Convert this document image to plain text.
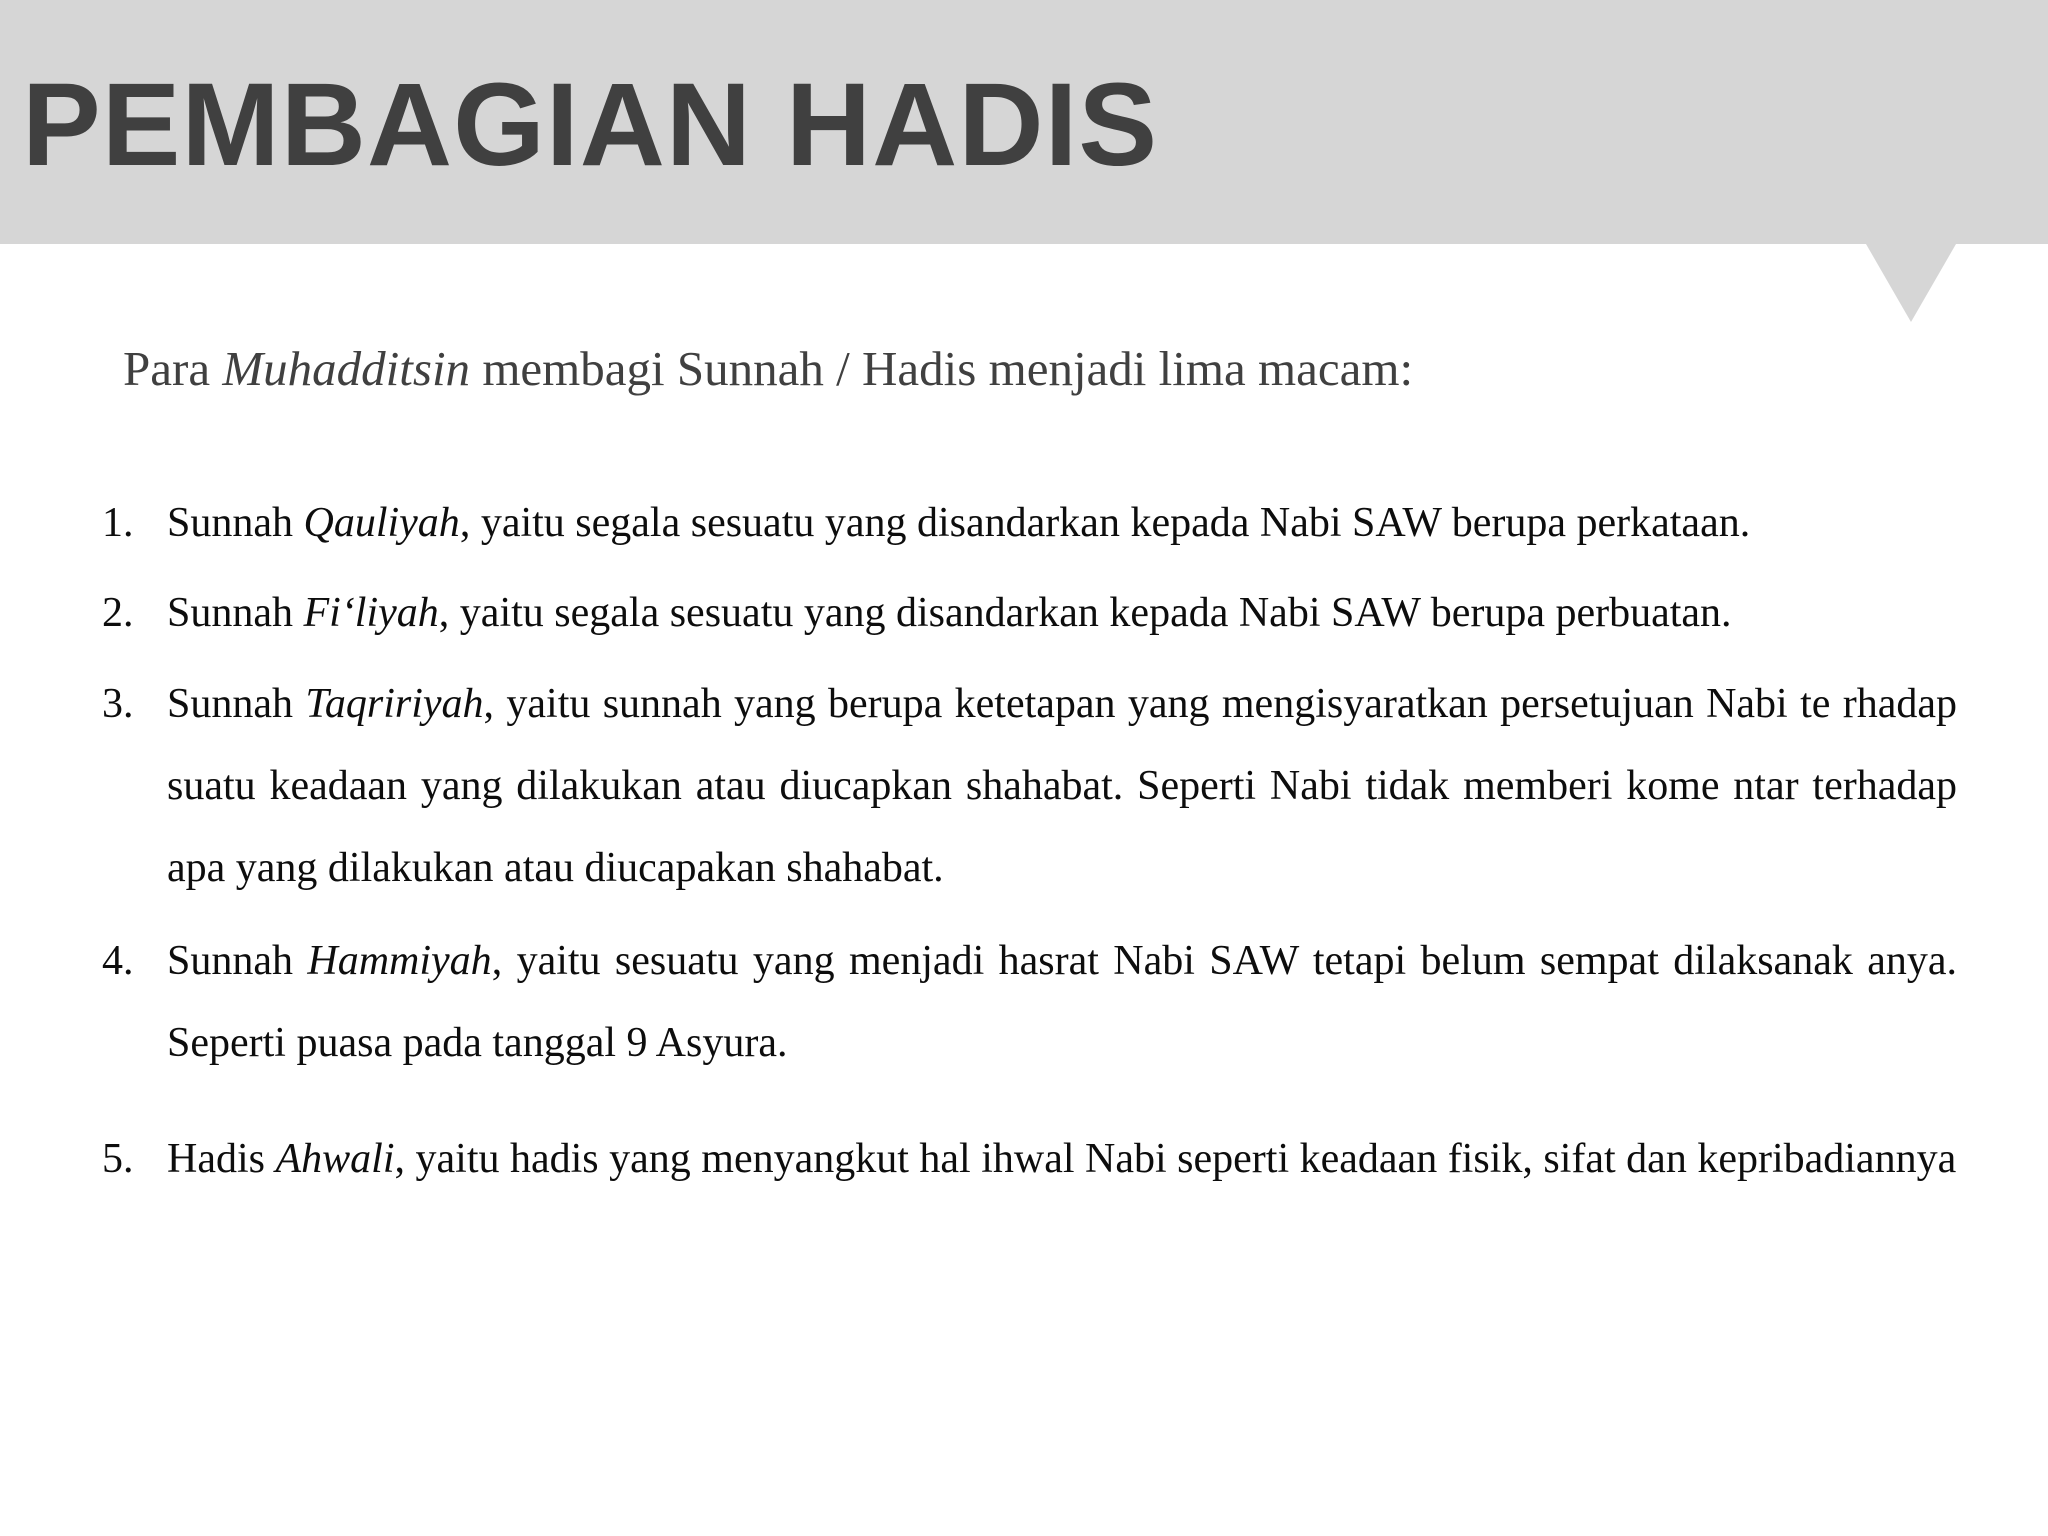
PEMBAGIAN HADIS

Para Muhadditsin membagi Sunnah / Hadis menjadi lima macam:

1. Sunnah Qauliyah, yaitu segala sesuatu yang disandarkan kepada Nabi SAW berupa perkataan.
2. Sunnah Fi‘liyah, yaitu segala sesuatu yang disandarkan kepada Nabi SAW berupa perbuatan.
3. Sunnah Taqririyah, yaitu sunnah yang berupa ketetapan yang mengisyaratkan persetujuan Nabi te rhadap suatu keadaan yang dilakukan atau diucapkan shahabat. Seperti Nabi tidak memberi kome ntar terhadap apa yang dilakukan atau diucapakan shahabat.
4. Sunnah Hammiyah, yaitu sesuatu yang menjadi hasrat Nabi SAW tetapi belum sempat dilaksanak anya. Seperti puasa pada tanggal 9 Asyura.
5. Hadis Ahwali, yaitu hadis yang menyangkut hal ihwal Nabi seperti keadaan fisik, sifat dan kepribadiannya
